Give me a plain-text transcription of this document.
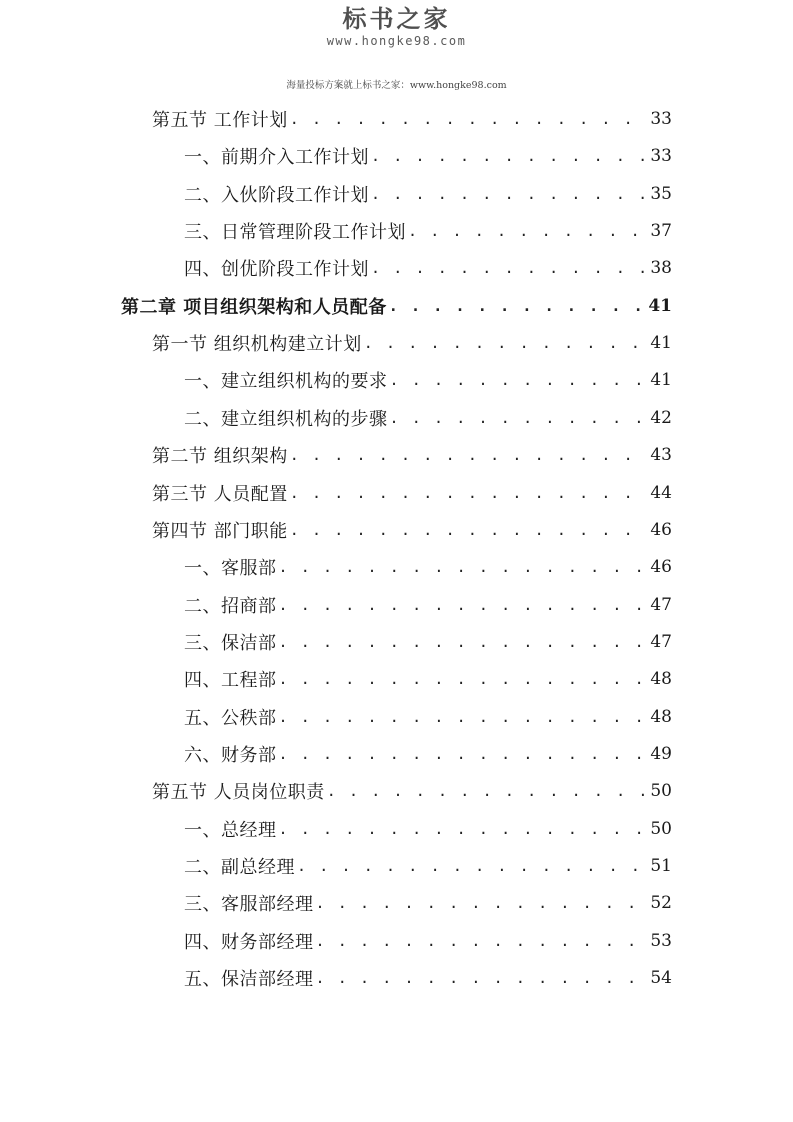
标书之家
www.hongke98.com
海量投标方案就上标书之家：www.hongke98.com
第五节 工作计划 . . .	33
一、前期介入工作计划 . . .	33
二、入伙阶段工作计划 . . .	35
三、日常管理阶段工作计划 . . .	37
四、创优阶段工作计划 . . .	38
第二章 项目组织架构和人员配备 . . .	41
第一节 组织机构建立计划 . . .	41
一、建立组织机构的要求 . . .	41
二、建立组织机构的步骤 . . .	42
第二节 组织架构 . . .	43
第三节 人员配置 . . .	44
第四节 部门职能 . . .	46
一、客服部 . . .	46
二、招商部 . . .	47
三、保洁部 . . .	47
四、工程部 . . .	48
五、公秩部 . . .	48
六、财务部 . . .	49
第五节 人员岗位职责 . . .	50
一、总经理 . . .	50
二、副总经理 . . .	51
三、客服部经理 . . .	52
四、财务部经理 . . .	53
五、保洁部经理 . . .	54
